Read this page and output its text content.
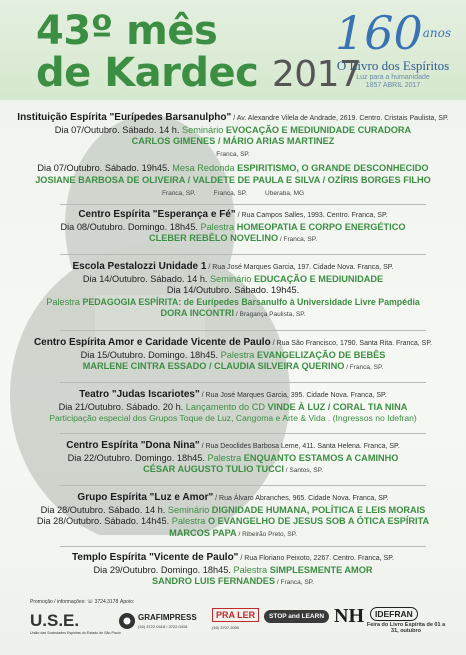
43º mês
de Kardec 2017
$160^{anos}$
O Livro dos Espíritos
Luz para a humanidade
1857 ABRIL 2017
Instituição Espírita "Eurípedes Barsanulpho" / Av. Alexandre Vilela de Andrade, 2619. Centro. Cristais Paulista, SP.
Dia 07/Outubro. Sábado. 14 h. Seminário EVOCAÇÃO E MEDIUNIDADE CURADORA
CARLOS GIMENES / MÁRIO ARIAS MARTINEZ
Franca, SP.
Dia 07/Outubro. Sábado. 19h45. Mesa Redonda ESPIRITISMO, O GRANDE DESCONHECIDO
JOSIANE BARBOSA DE OLIVEIRA / VALDETE DE PAULA E SILVA / OZÍRIS BORGES FILHO
Franca, SP.          Franca, SP.          Uberaba, MG
Centro Espírita "Esperança e Fé" / Rua Campos Salles, 1993. Centro. Franca, SP.
Dia 08/Outubro. Domingo. 18h45. Palestra HOMEOPATIA E CORPO ENERGÉTICO
CLEBER REBÊLO NOVELINO / Franca, SP.
Escola Pestalozzi Unidade 1 / Rua José Marques Garcia, 197. Cidade Nova. Franca, SP.
Dia 14/Outubro. Sábado. 14 h. Seminário EDUCAÇÃO E MEDIUNIDADE
Dia 14/Outubro. Sábado. 19h45.
Palestra PEDAGOGIA ESPÍRITA: de Eurípedes Barsanulfo à Universidade Livre Pampédia
DORA INCONTRI / Bragança Paulista, SP.
Centro Espírita Amor e Caridade Vicente de Paulo / Rua São Francisco, 1790. Santa Rita. Franca, SP.
Dia 15/Outubro. Domingo. 18h45. Palestra EVANGELIZAÇÃO DE BEBÊS
MARLENE CINTRA ESSADO / CLAUDIA SILVEIRA QUERINO / Franca, SP.
Teatro "Judas Iscariotes" / Rua José Marques Garcia, 395. Cidade Nova. Franca, SP.
Dia 21/Outubro. Sábado. 20 h. Lançamento do CD VINDE À LUZ / CORAL TIA NINA
Participação especial dos Grupos Toque de Luz, Cangoma e Arte & Vida . (Ingressos no Idefran)
Centro Espírita "Dona Nina" / Rua Deoclides Barbosa Leme, 411. Santa Helena. Franca, SP.
Dia 22/Outubro. Domingo. 18h45. Palestra ENQUANTO ESTAMOS A CAMINHO
CÉSAR AUGUSTO TULIO TUCCI / Santos, SP.
Grupo Espírita "Luz e Amor" / Rua Álvaro Abranches, 965. Cidade Nova. Franca, SP.
Dia 28/Outubro. Sábado. 14 h. Seminário DIGNIDADE HUMANA, POLÍTICA E LEIS MORAIS
Dia 28/Outubro. Sábado. 14h45. Palestra O EVANGELHO DE JESUS SOB A ÓTICA ESPÍRITA
MARCOS PAPA / Ribeirão Preto, SP.
Templo Espírita "Vicente de Paulo" / Rua Floriano Peixoto, 2267. Centro. Franca, SP.
Dia 29/Outubro. Domingo. 18h45. Palestra SIMPLESMENTE AMOR
SANDRO LUIS FERNANDES / Franca, SP.
Promoção / informações: ☏ 3724.3178 Apoio:
U.S.E.
União das Sociedades Espíritas do Estado de São Paulo
GRAFIMPRESS
(16) 3722.0418 / 3722.0418
PRA LER
(16) 3707.2000
STOP and LEARN NH	IDEFRAN
Feira do Livro Espírita de 01 a 31, outubro
